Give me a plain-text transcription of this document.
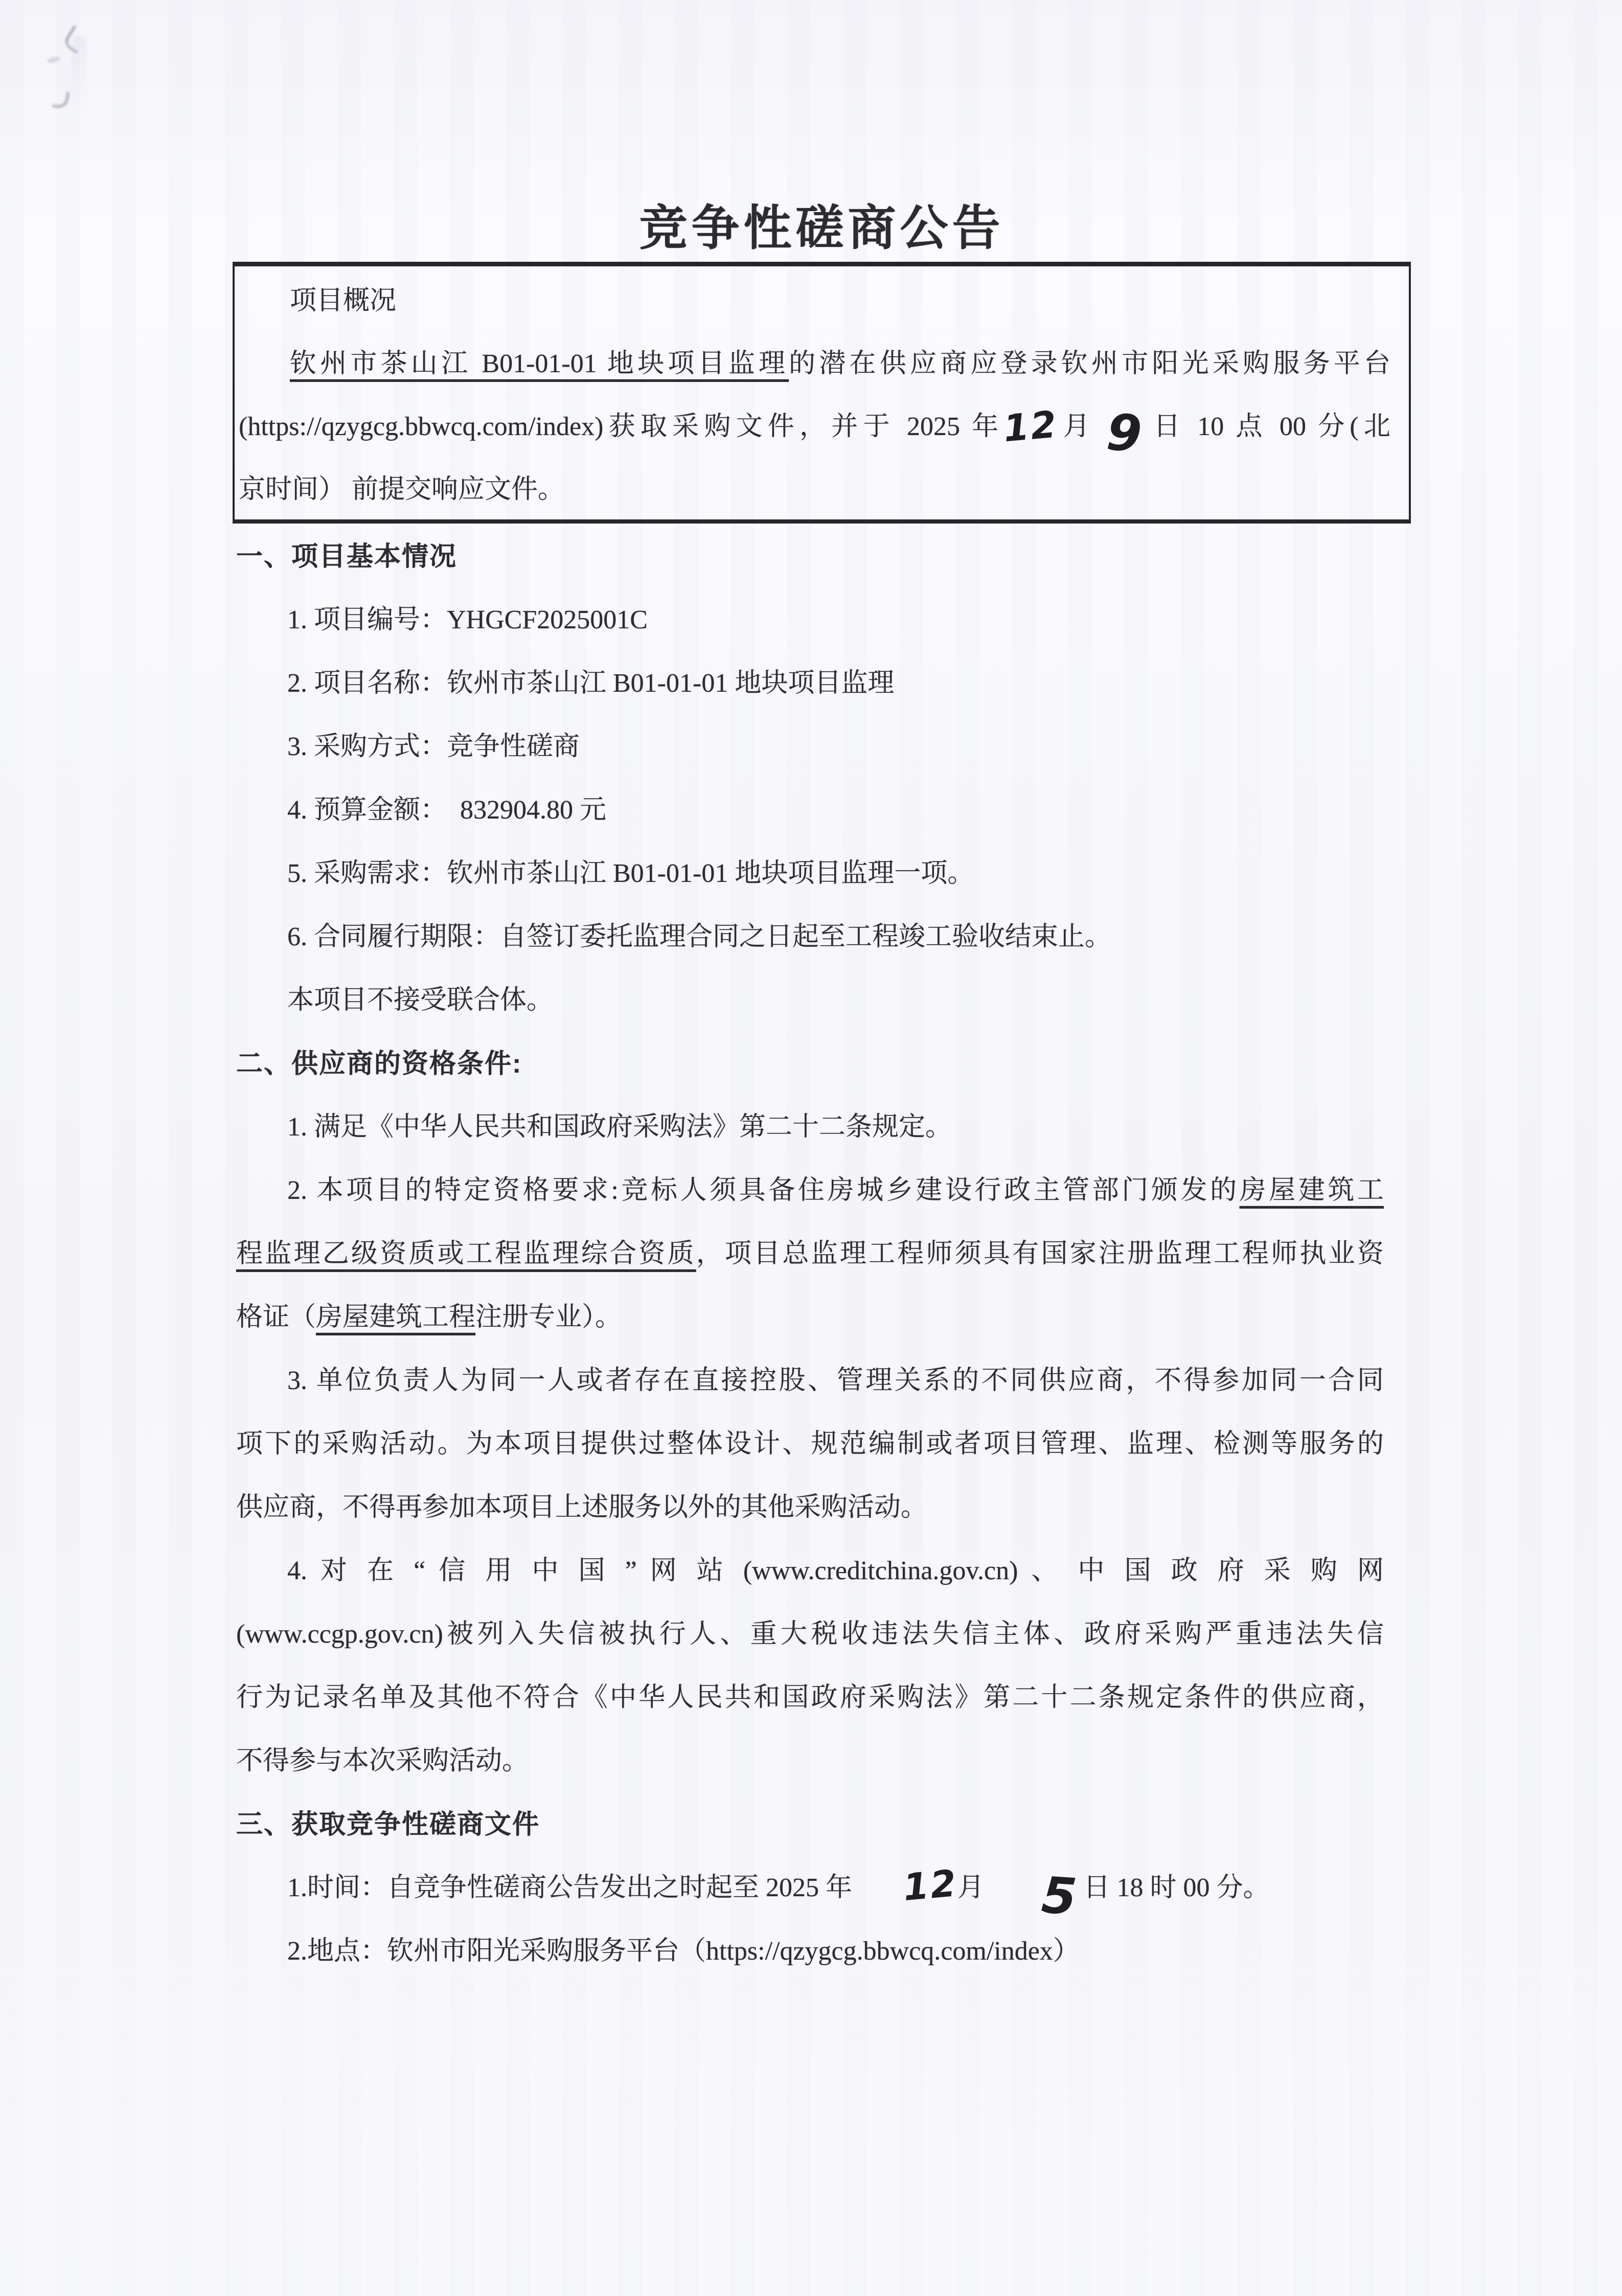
竞争性磋商公告
项目概况
钦州市茶山江 B01-01-01 地块项目监理的潜在供应商应登录钦州市阳光采购服务平台
(https://qzygcg.bbwcq.com/index)获取采购文件，并于 2025 年12月 9 日 10 点 00 分(北
京时间） 前提交响应文件。
一、项目基本情况
1. 项目编号：YHGCF2025001C
2. 项目名称：钦州市茶山江 B01-01-01 地块项目监理
3. 采购方式：竞争性磋商
4. 预算金额：  832904.80 元
5. 采购需求：钦州市茶山江 B01-01-01 地块项目监理一项。
6. 合同履行期限：自签订委托监理合同之日起至工程竣工验收结束止。
本项目不接受联合体。
二、供应商的资格条件:
1. 满足《中华人民共和国政府采购法》第二十二条规定。
2. 本项目的特定资格要求:竞标人须具备住房城乡建设行政主管部门颁发的房屋建筑工
程监理乙级资质或工程监理综合资质，项目总监理工程师须具有国家注册监理工程师执业资
格证（房屋建筑工程注册专业）。
3. 单位负责人为同一人或者存在直接控股、管理关系的不同供应商，不得参加同一合同
项下的采购活动。为本项目提供过整体设计、规范编制或者项目管理、监理、检测等服务的
供应商，不得再参加本项目上述服务以外的其他采购活动。
4. 对 在 “ 信 用 中 国 ” 网 站 (www.creditchina.gov.cn) 、 中 国 政 府 采 购 网
(www.ccgp.gov.cn)被列入失信被执行人、重大税收违法失信主体、政府采购严重违法失信
行为记录名单及其他不符合《中华人民共和国政府采购法》第二十二条规定条件的供应商，
不得参与本次采购活动。
三、获取竞争性磋商文件
1.时间：自竞争性磋商公告发出之时起至 2025 年 12月 5 日 18 时 00 分。
2.地点：钦州市阳光采购服务平台（https://qzygcg.bbwcq.com/index）
